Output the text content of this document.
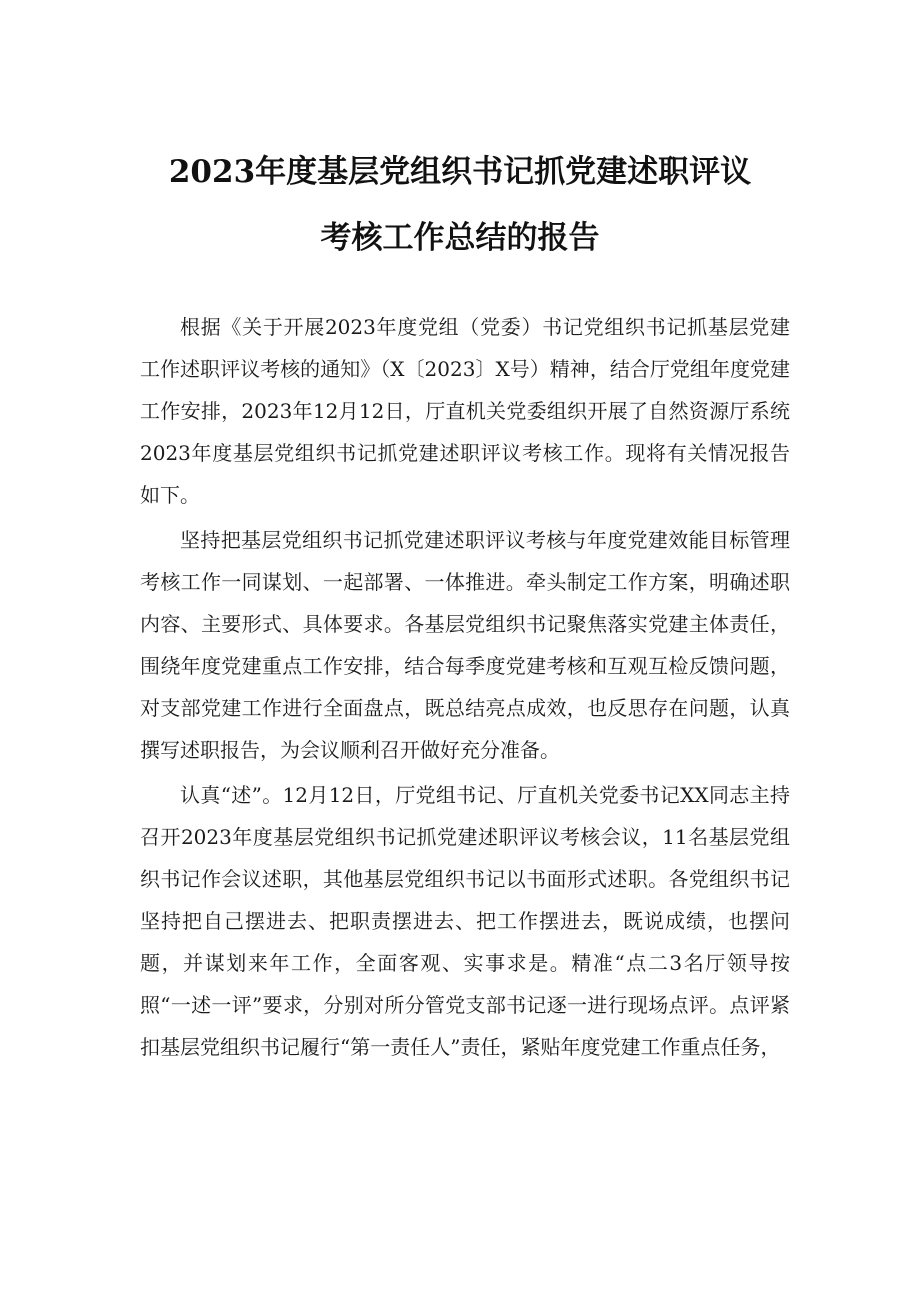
2023年度基层党组织书记抓党建述职评议
考核工作总结的报告

根据《关于开展2023年度党组（党委）书记党组织书记抓基层党建工作述职评议考核的通知》（X〔2023〕X号）精神，结合厅党组年度党建工作安排，2023年12月12日，厅直机关党委组织开展了自然资源厅系统2023年度基层党组织书记抓党建述职评议考核工作。现将有关情况报告如下。

坚持把基层党组织书记抓党建述职评议考核与年度党建效能目标管理考核工作一同谋划、一起部署、一体推进。牵头制定工作方案，明确述职内容、主要形式、具体要求。各基层党组织书记聚焦落实党建主体责任，围绕年度党建重点工作安排，结合每季度党建考核和互观互检反馈问题，对支部党建工作进行全面盘点，既总结亮点成效，也反思存在问题，认真撰写述职报告，为会议顺利召开做好充分准备。

认真“述”。12月12日，厅党组书记、厅直机关党委书记XX同志主持召开2023年度基层党组织书记抓党建述职评议考核会议，11名基层党组织书记作会议述职，其他基层党组织书记以书面形式述职。各党组织书记坚持把自己摆进去、把职责摆进去、把工作摆进去，既说成绩，也摆问题，并谋划来年工作，全面客观、实事求是。精准“点二3名厅领导按照“一述一评”要求，分别对所分管党支部书记逐一进行现场点评。点评紧扣基层党组织书记履行“第一责任人”责任，紧贴年度党建工作重点任务，
